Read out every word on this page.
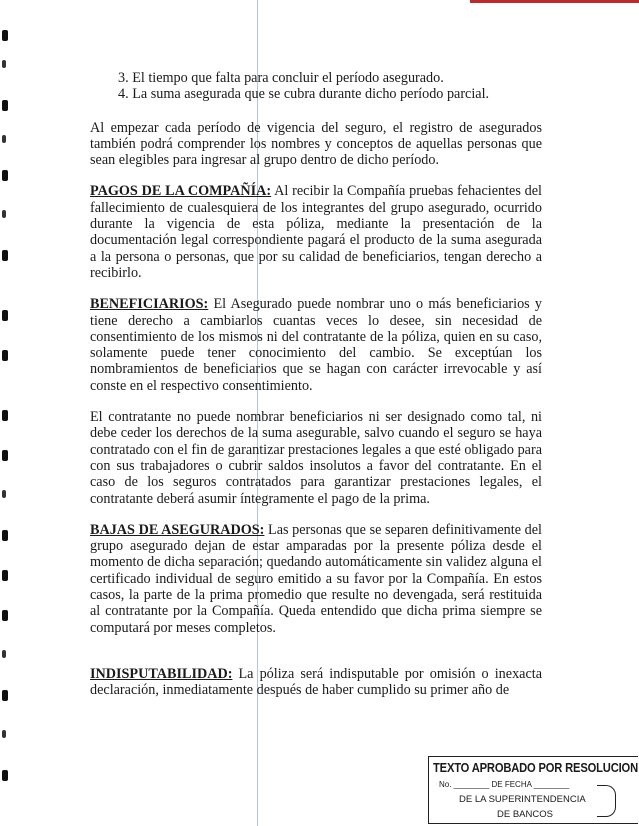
3. El tiempo que falta para concluir el período asegurado.
4. La suma asegurada que se cubra durante dicho período parcial.

Al empezar cada período de vigencia del seguro, el registro de asegurados también podrá comprender los nombres y conceptos de aquellas personas que sean elegibles para ingresar al grupo dentro de dicho período.

PAGOS DE LA COMPAÑÍA: Al recibir la Compañía pruebas fehacientes del fallecimiento de cualesquiera de los integrantes del grupo asegurado, ocurrido durante la vigencia de esta póliza, mediante la presentación de la documentación legal correspondiente pagará el producto de la suma asegurada a la persona o personas, que por su calidad de beneficiarios, tengan derecho a recibirlo.

BENEFICIARIOS: El Asegurado puede nombrar uno o más beneficiarios y tiene derecho a cambiarlos cuantas veces lo desee, sin necesidad de consentimiento de los mismos ni del contratante de la póliza, quien en su caso, solamente puede tener conocimiento del cambio. Se exceptúan los nombramientos de beneficiarios que se hagan con carácter irrevocable y así conste en el respectivo consentimiento.

El contratante no puede nombrar beneficiarios ni ser designado como tal, ni debe ceder los derechos de la suma asegurable, salvo cuando el seguro se haya contratado con el fin de garantizar prestaciones legales a que esté obligado para con sus trabajadores o cubrir saldos insolutos a favor del contratante. En el caso de los seguros contratados para garantizar prestaciones legales, el contratante deberá asumir íntegramente el pago de la prima.

BAJAS DE ASEGURADOS: Las personas que se separen definitivamente del grupo asegurado dejan de estar amparadas por la presente póliza desde el momento de dicha separación; quedando automáticamente sin validez alguna el certificado individual de seguro emitido a su favor por la Compañía. En estos casos, la parte de la prima promedio que resulte no devengada, será restituida al contratante por la Compañía. Queda entendido que dicha prima siempre se computará por meses completos.

INDISPUTABILIDAD: La póliza será indisputable por omisión o inexacta declaración, inmediatamente después de haber cumplido su primer año de

TEXTO APROBADO POR RESOLUCION
No. ________ DE FECHA ________
DE LA SUPERINTENDENCIA
DE BANCOS
